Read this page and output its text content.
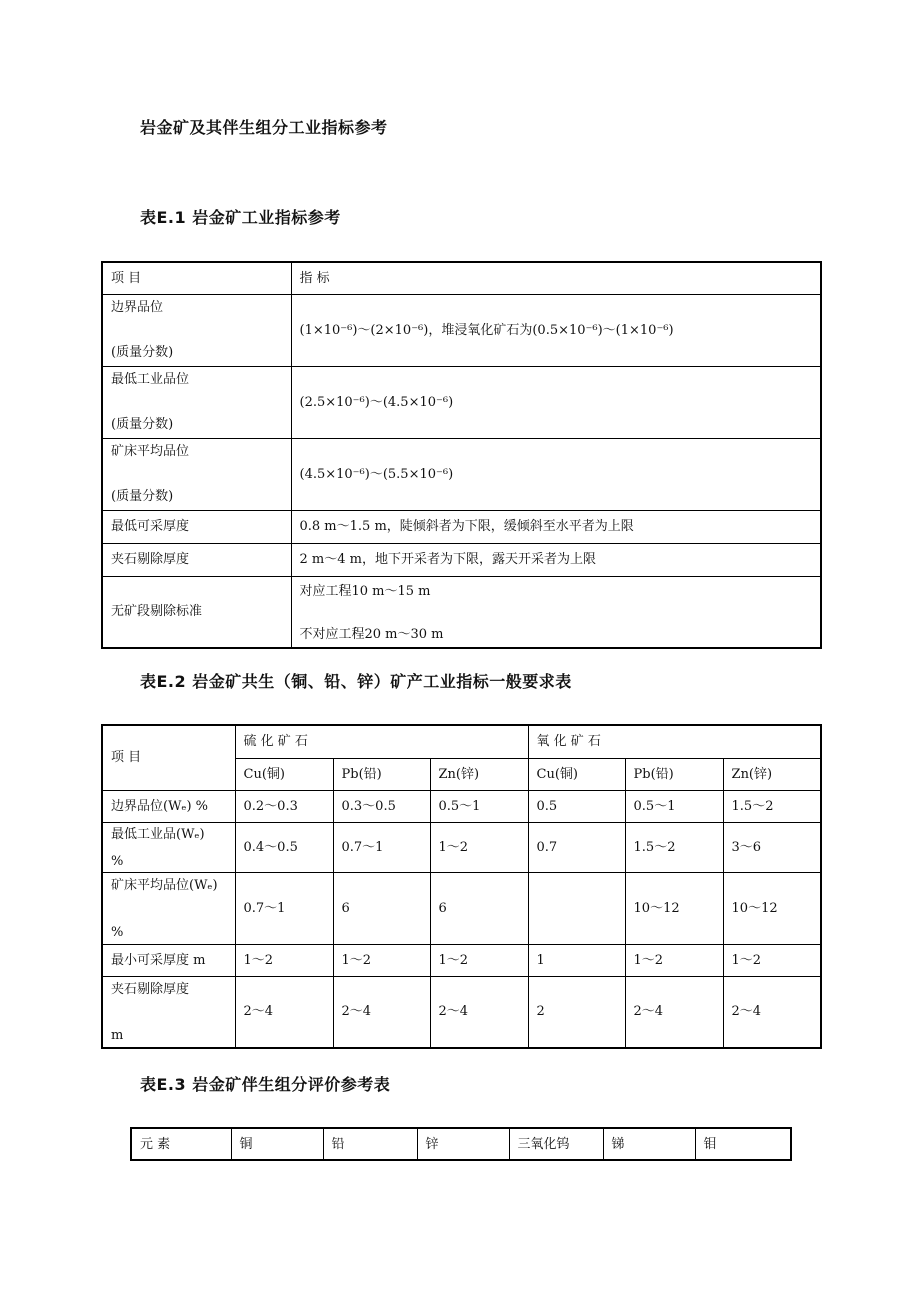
岩金矿及其伴生组分工业指标参考
表E.1 岩金矿工业指标参考
项 目	指 标

边界品位
(质量分数)	(1×10⁻⁶)～(2×10⁻⁶)，堆浸氧化矿石为(0.5×10⁻⁶)～(1×10⁻⁶)

最低工业品位
(质量分数)	(2.5×10⁻⁶)～(4.5×10⁻⁶)

矿床平均品位
(质量分数)	(4.5×10⁻⁶)～(5.5×10⁻⁶)
最低可采厚度	0.8 m～1.5 m，陡倾斜者为下限，缓倾斜至水平者为上限
夹石剔除厚度	2 m～4 m，地下开采者为下限，露天开采者为上限
无矿段剔除标准	对应工程10 m～15 m
不对应工程20 m～30 m
表E.2 岩金矿共生（铜、铅、锌）矿产工业指标一般要求表
项 目	硫 化 矿 石			氧 化 矿 石		
	Cu(铜)	Pb(铅)	Zn(锌)	Cu(铜)	Pb(铅)	Zn(锌)
边界品位(Wₑ) %	0.2～0.3	0.3～0.5	0.5～1	0.5	0.5～1	1.5～2

最低工业品(Wₑ)
%	0.4～0.5	0.7～1	1～2	0.7	1.5～2	3～6

矿床平均品位(Wₑ)
%	0.7～1	6	6		10～12	10～12
最小可采厚度 m	1～2	1～2	1～2	1	1～2	1～2

夹石剔除厚度
m	2～4	2～4	2～4	2	2～4	2～4
表E.3 岩金矿伴生组分评价参考表
元 素	铜	铅	锌	三氧化钨	锑	钼
